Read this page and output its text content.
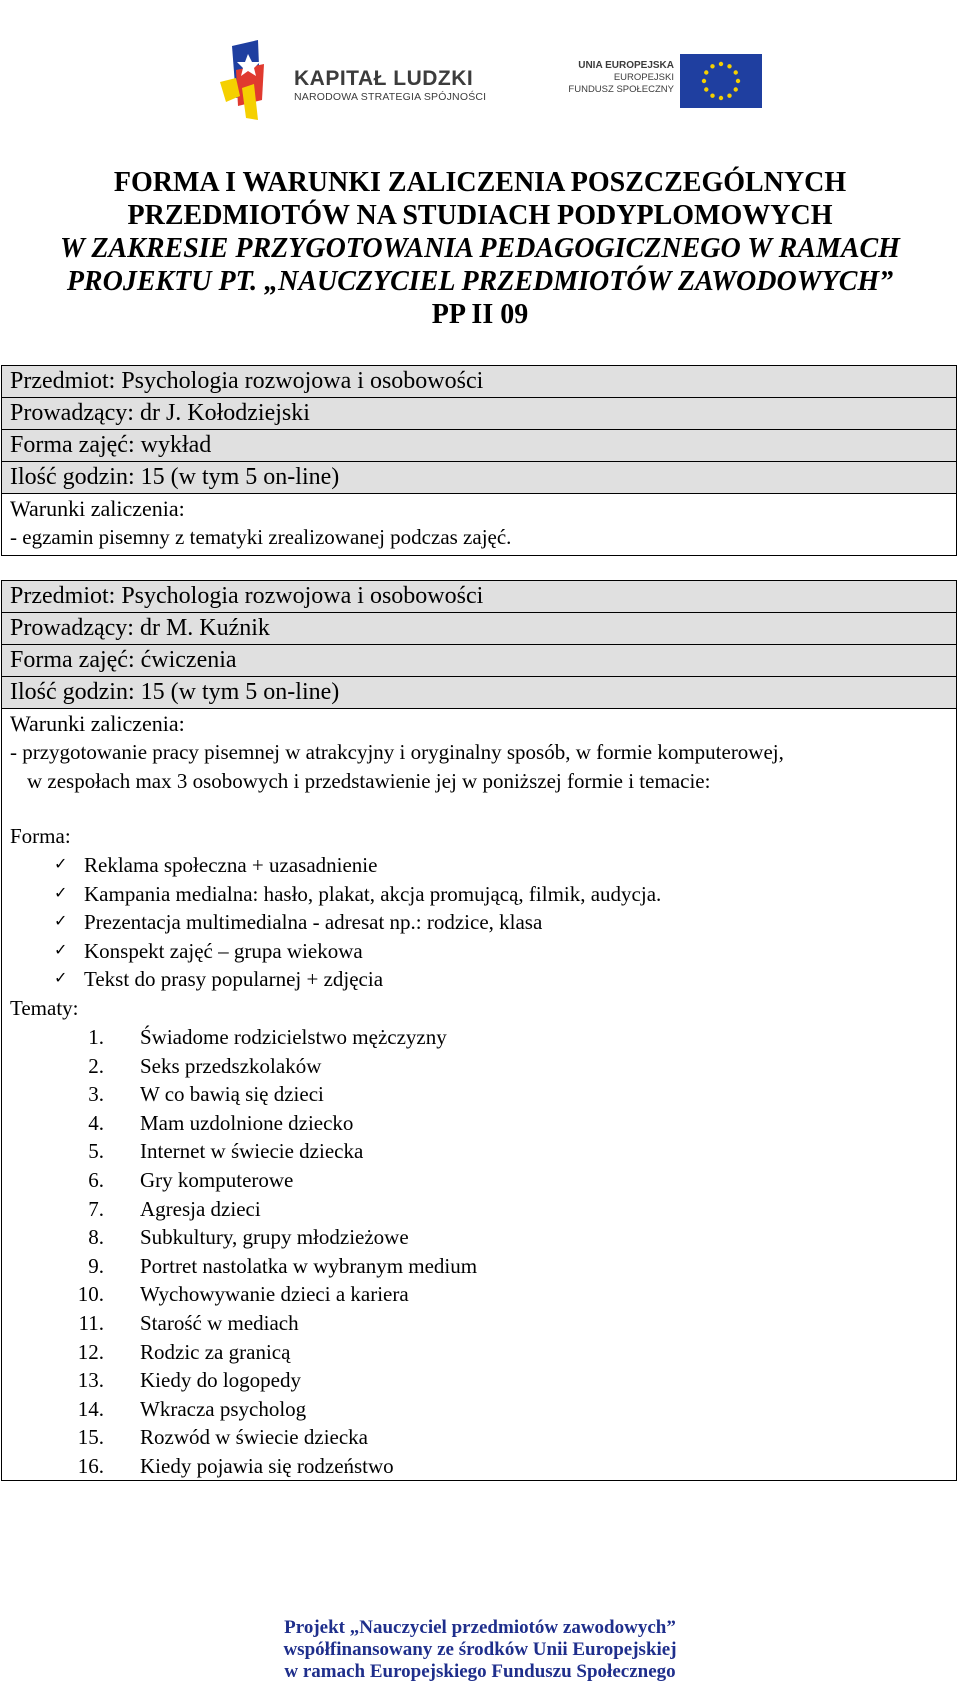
KAPITAŁ LUDZKI
NARODOWA STRATEGIA SPÓJNOŚCI
UNIA EUROPEJSKA
EUROPEJSKI
FUNDUSZ SPOŁECZNY
FORMA I WARUNKI ZALICZENIA POSZCZEGÓLNYCH
PRZEDMIOTÓW NA STUDIACH PODYPLOMOWYCH
W ZAKRESIE PRZYGOTOWANIA PEDAGOGICZNEGO W RAMACH
PROJEKTU PT. „NAUCZYCIEL PRZEDMIOTÓW ZAWODOWYCH”
PP II 09
Przedmiot: Psychologia rozwojowa i osobowości
Prowadzący: dr J. Kołodziejski
Forma zajęć: wykład
Ilość godzin: 15 (w tym 5 on-line)
Warunki zaliczenia:
- egzamin pisemny z tematyki zrealizowanej podczas zajęć.
Przedmiot: Psychologia rozwojowa i osobowości
Prowadzący: dr M. Kuźnik
Forma zajęć: ćwiczenia
Ilość godzin: 15 (w tym 5 on-line)
Warunki zaliczenia:
- przygotowanie pracy pisemnej w atrakcyjny i oryginalny sposób, w formie komputerowej,
w zespołach max 3 osobowych i przedstawienie jej w poniższej formie i temacie:
Forma:
✓ Reklama społeczna + uzasadnienie
✓ Kampania medialna: hasło, plakat, akcja promującą, filmik, audycja.
✓ Prezentacja multimedialna - adresat np.: rodzice, klasa
✓ Konspekt zajęć – grupa wiekowa
✓ Tekst do prasy popularnej + zdjęcia
Tematy:
1. Świadome rodzicielstwo mężczyzny
2. Seks przedszkolaków
3. W co bawią się dzieci
4. Mam uzdolnione dziecko
5. Internet w świecie dziecka
6. Gry komputerowe
7. Agresja dzieci
8. Subkultury, grupy młodzieżowe
9. Portret nastolatka w wybranym medium
10. Wychowywanie dzieci a kariera
11. Starość w mediach
12. Rodzic za granicą
13. Kiedy do logopedy
14. Wkracza psycholog
15. Rozwód w świecie dziecka
16. Kiedy pojawia się rodzeństwo
Projekt „Nauczyciel przedmiotów zawodowych”
współfinansowany ze środków Unii Europejskiej
w ramach Europejskiego Funduszu Społecznego
